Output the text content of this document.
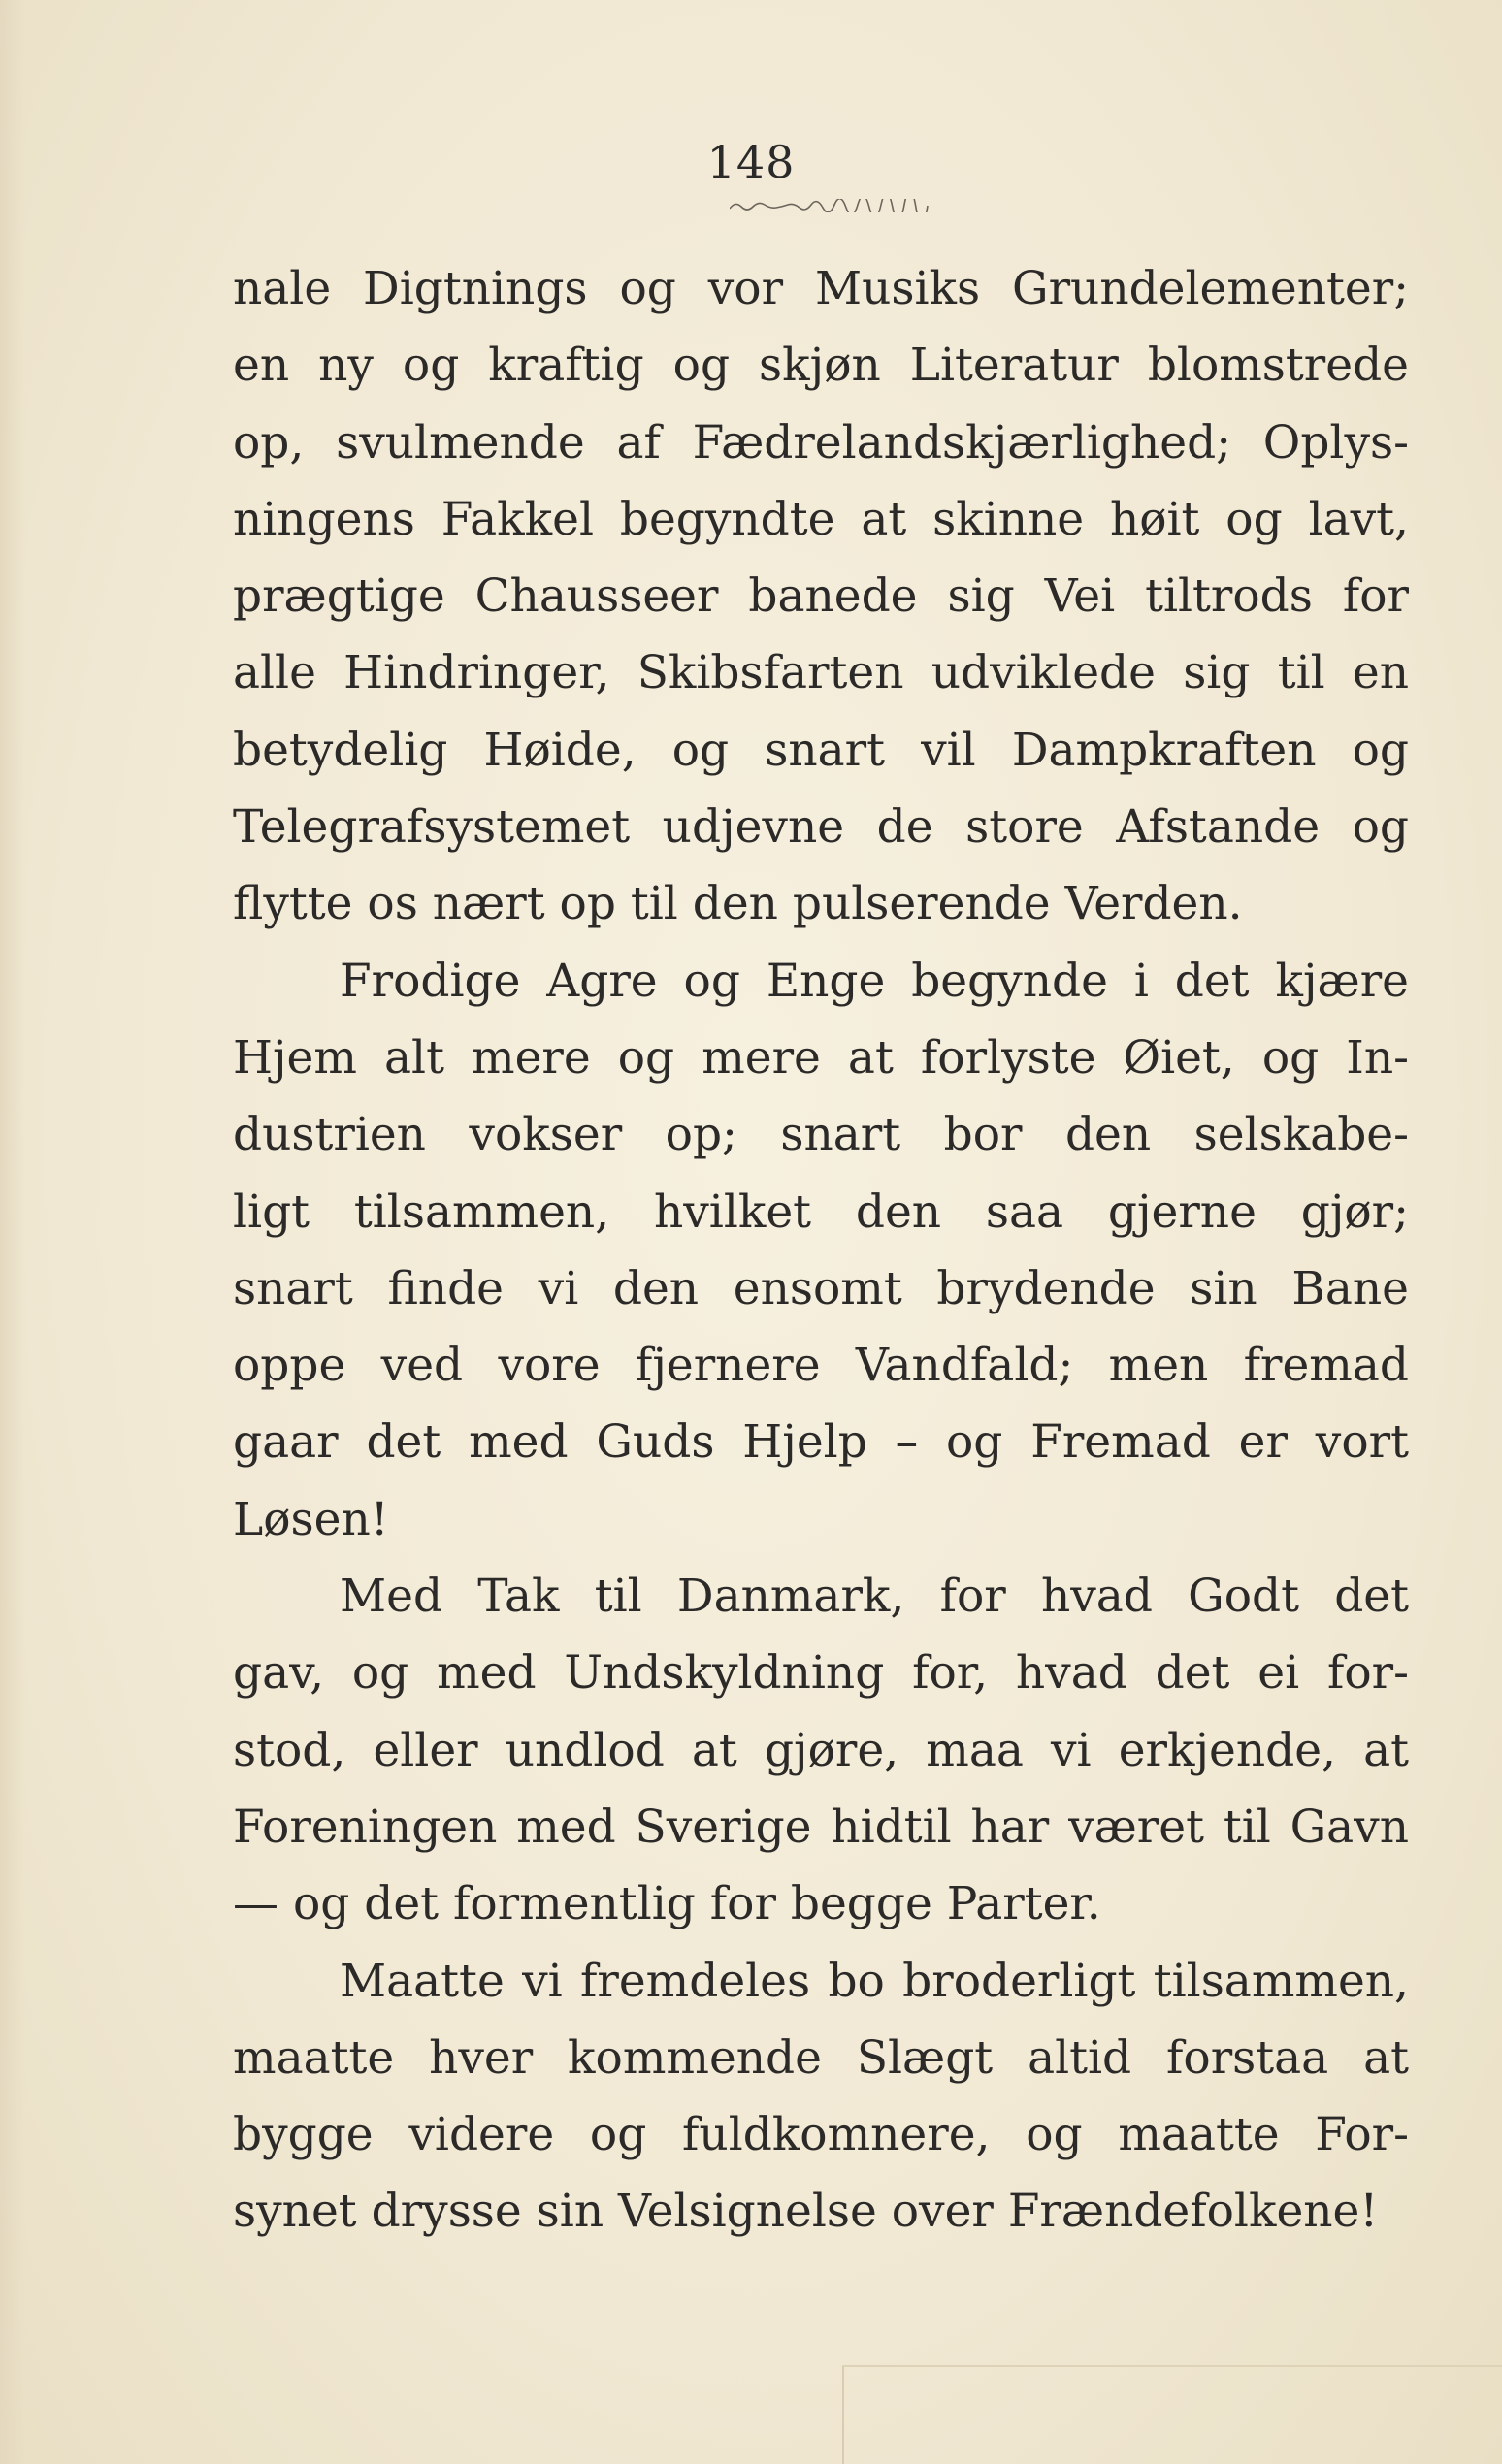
148
nale Digtnings og vor Musiks Grundelementer;
en ny og kraftig og skjøn Literatur blomstrede
op, svulmende af Fædrelandskjærlighed; Oplys-
ningens Fakkel begyndte at skinne høit og lavt,
prægtige Chausseer banede sig Vei tiltrods for
alle Hindringer, Skibsfarten udviklede sig til en
betydelig Høide, og snart vil Dampkraften og
Telegrafsystemet udjevne de store Afstande og
flytte os nært op til den pulserende Verden.
Frodige Agre og Enge begynde i det kjære
Hjem alt mere og mere at forlyste Øiet, og In-
dustrien vokser op; snart bor den selskabe-
ligt tilsammen, hvilket den saa gjerne gjør;
snart finde vi den ensomt brydende sin Bane
oppe ved vore fjernere Vandfald; men fremad
gaar det med Guds Hjelp – og Fremad er vort
Løsen!
Med Tak til Danmark, for hvad Godt det
gav, og med Undskyldning for, hvad det ei for-
stod, eller undlod at gjøre, maa vi erkjende, at
Foreningen med Sverige hidtil har været til Gavn
— og det formentlig for begge Parter.
Maatte vi fremdeles bo broderligt tilsammen,
maatte hver kommende Slægt altid forstaa at
bygge videre og fuldkomnere, og maatte For-
synet drysse sin Velsignelse over Frændefolkene!
